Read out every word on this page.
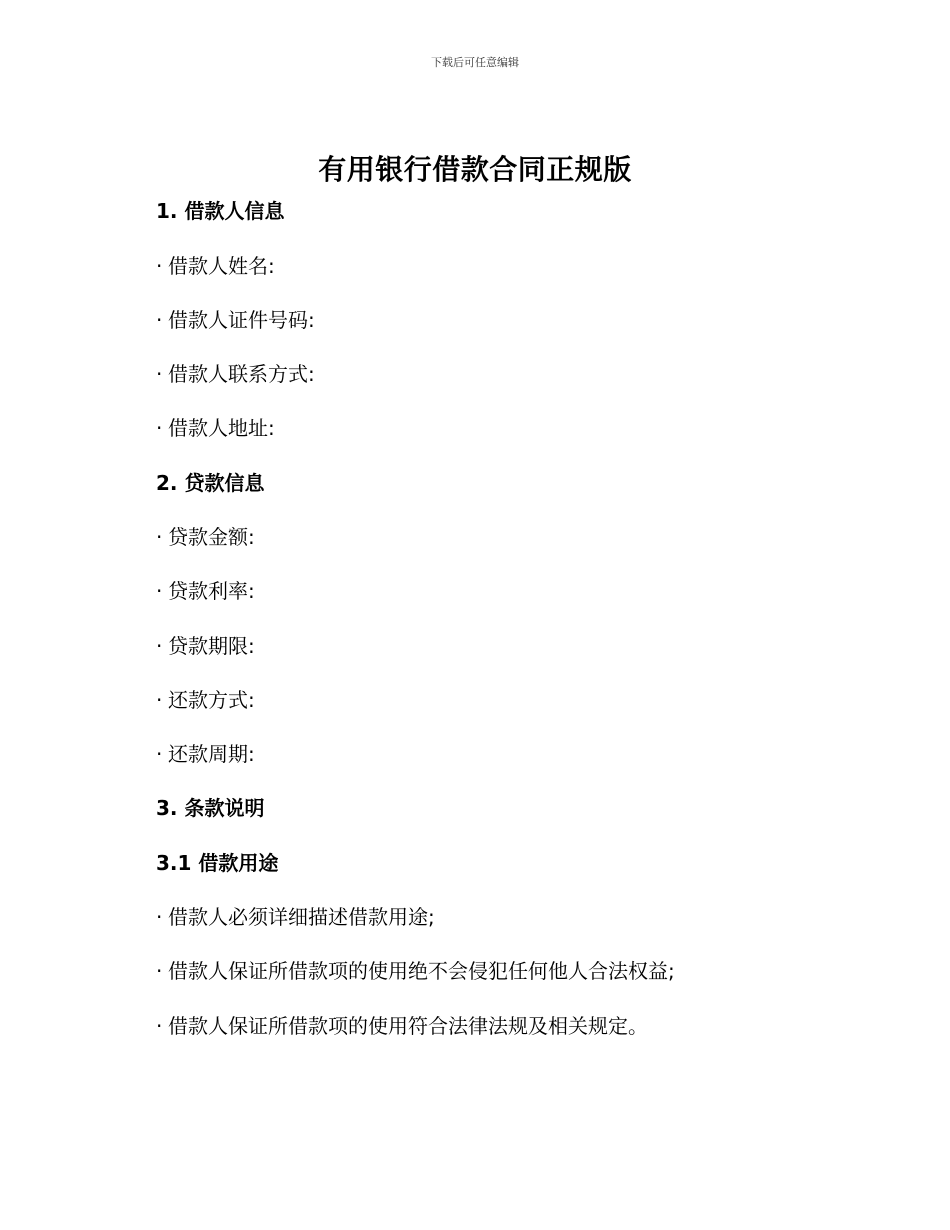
下载后可任意编辑
有用银行借款合同正规版
1. 借款人信息
· 借款人姓名:
· 借款人证件号码:
· 借款人联系方式:
· 借款人地址:
2. 贷款信息
· 贷款金额:
· 贷款利率:
· 贷款期限:
· 还款方式:
· 还款周期:
3. 条款说明
3.1 借款用途
· 借款人必须详细描述借款用途;
· 借款人保证所借款项的使用绝不会侵犯任何他人合法权益;
· 借款人保证所借款项的使用符合法律法规及相关规定。
